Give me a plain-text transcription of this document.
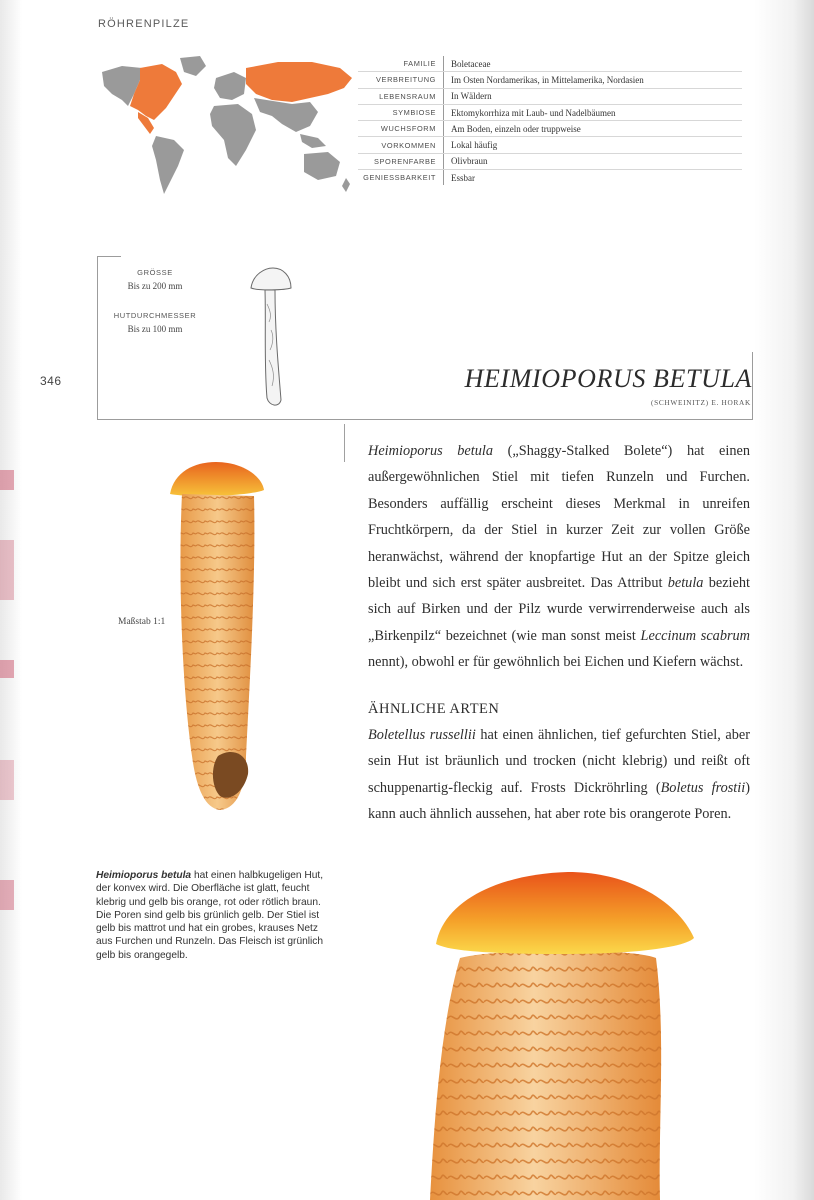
RÖHRENPILZE
FAMILIE	Boletaceae
VERBREITUNG	Im Osten Nordamerikas, in Mittelamerika, Nordasien
LEBENSRAUM	In Wäldern
SYMBIOSE	Ektomykorrhiza mit Laub- und Nadelbäumen
WUCHSFORM	Am Boden, einzeln oder truppweise
VORKOMMEN	Lokal häufig
SPORENFARBE	Olivbraun
GENIESSBARKEIT	Essbar
GRÖSSE
Bis zu 200 mm
HUTDURCHMESSER
Bis zu 100 mm
HEIMIOPORUS BETULA
(SCHWEINITZ) E. HORAK
346

Heimioporus betula („Shaggy-Stalked Bolete“) hat einen außergewöhnlichen Stiel mit tiefen Runzeln und Furchen. Besonders auffällig erscheint dieses Merkmal in unreifen Fruchtkörpern, da der Stiel in kurzer Zeit zur vollen Größe heranwächst, während der knopfartige Hut an der Spitze gleich bleibt und sich erst später ausbreitet. Das Attribut betula bezieht sich auf Birken und der Pilz wurde verwirrenderweise auch als „Birkenpilz“ bezeichnet (wie man sonst meist Leccinum scabrum nennt), obwohl er für gewöhnlich bei Eichen und Kiefern wächst.

ÄHNLICHE ARTEN

Boletellus russellii hat einen ähnlichen, tief gefurchten Stiel, aber sein Hut ist bräunlich und trocken (nicht klebrig) und reißt oft schuppenartig-fleckig auf. Frosts Dickröhrling (Boletus frostii) kann auch ähnlich aussehen, hat aber rote bis orangerote Poren.

Maßstab 1:1
Heimioporus betula hat einen halbkugeligen Hut, der konvex wird. Die Oberfläche ist glatt, feucht klebrig und gelb bis orange, rot oder rötlich braun. Die Poren sind gelb bis grünlich gelb. Der Stiel ist gelb bis mattrot und hat ein grobes, krauses Netz aus Furchen und Runzeln. Das Fleisch ist grünlich gelb bis orangegelb.
